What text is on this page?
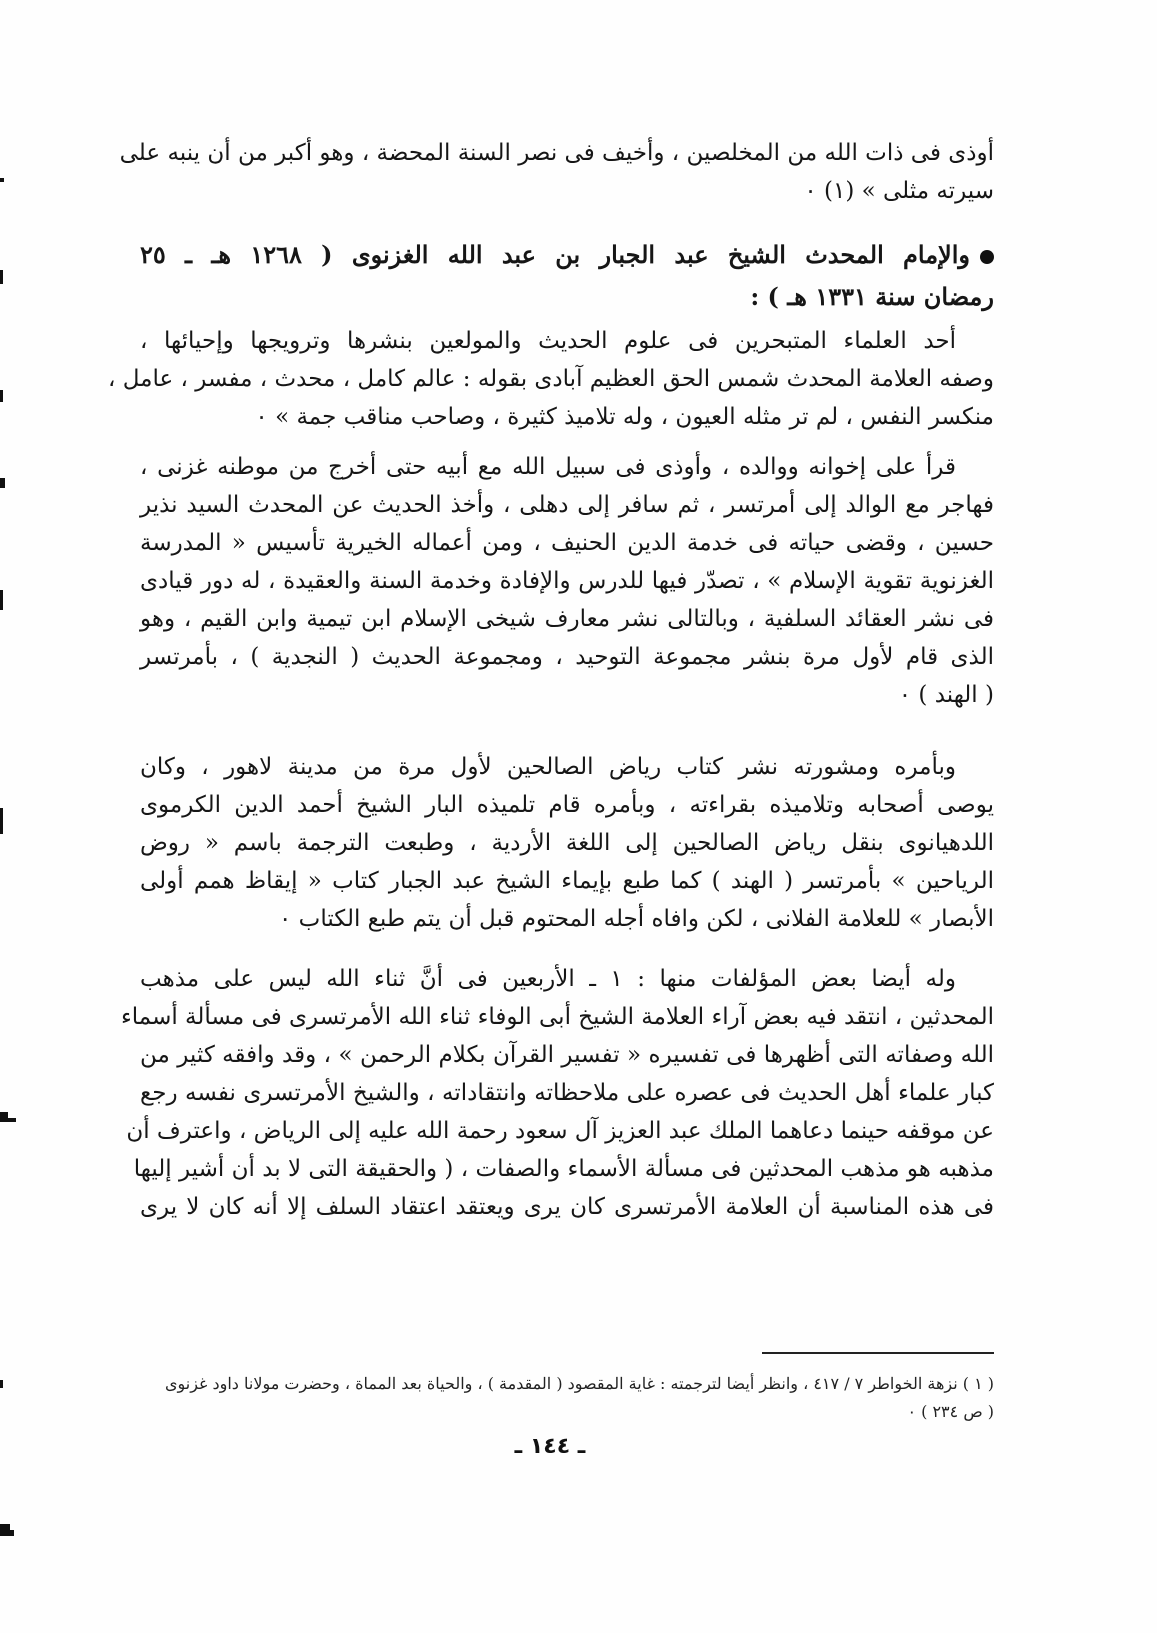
أوذى فى ذات الله من المخلصين ، وأخيف فى نصر السنة المحضة ، وهو أكبر من أن ينبه على
سيرته مثلى » (١) ٠
والإمام المحدث الشيخ عبد الجبار بن عبد الله الغزنوى ( ١٢٦٨ هـ ـ ٢٥
رمضان سنة ١٣٣١ هـ ) :
أحد العلماء المتبحرين فى علوم الحديث والمولعين بنشرها وترويجها وإحيائها ،
وصفه العلامة المحدث شمس الحق العظيم آبادى بقوله : عالم كامل ، محدث ، مفسر ، عامل ،
منكسر النفس ، لم تر مثله العيون ، وله تلاميذ كثيرة ، وصاحب مناقب جمة » ٠
قرأ على إخوانه ووالده ، وأوذى فى سبيل الله مع أبيه حتى أخرج من موطنه غزنى ،
فهاجر مع الوالد إلى أمرتسر ، ثم سافر إلى دهلى ، وأخذ الحديث عن المحدث السيد نذير
حسين ، وقضى حياته فى خدمة الدين الحنيف ، ومن أعماله الخيرية تأسيس « المدرسة
الغزنوية تقوية الإسلام » ، تصدّر فيها للدرس والإفادة وخدمة السنة والعقيدة ، له دور قيادى
فى نشر العقائد السلفية ، وبالتالى نشر معارف شيخى الإسلام ابن تيمية وابن القيم ، وهو
الذى قام لأول مرة بنشر مجموعة التوحيد ، ومجموعة الحديث ( النجدية ) ، بأمرتسر
( الهند ) ٠
وبأمره ومشورته نشر كتاب رياض الصالحين لأول مرة من مدينة لاهور ، وكان
يوصى أصحابه وتلاميذه بقراءته ، وبأمره قام تلميذه البار الشيخ أحمد الدين الكرموى
اللدهيانوى بنقل رياض الصالحين إلى اللغة الأردية ، وطبعت الترجمة باسم « روض
الرياحين » بأمرتسر ( الهند ) كما طبع بإيماء الشيخ عبد الجبار كتاب « إيقاظ همم أولى
الأبصار » للعلامة الفلانى ، لكن وافاه أجله المحتوم قبل أن يتم طبع الكتاب ٠
وله أيضا بعض المؤلفات منها : ١ ـ الأربعين فى أنَّ ثناء الله ليس على مذهب
المحدثين ، انتقد فيه بعض آراء العلامة الشيخ أبى الوفاء ثناء الله الأمرتسرى فى مسألة أسماء
الله وصفاته التى أظهرها فى تفسيره « تفسير القرآن بكلام الرحمن » ، وقد وافقه كثير من
كبار علماء أهل الحديث فى عصره على ملاحظاته وانتقاداته ، والشيخ الأمرتسرى نفسه رجع
عن موقفه حينما دعاهما الملك عبد العزيز آل سعود رحمة الله عليه إلى الرياض ، واعترف أن
مذهبه هو مذهب المحدثين فى مسألة الأسماء والصفات ، ( والحقيقة التى لا بد أن أشير إليها
فى هذه المناسبة أن العلامة الأمرتسرى كان يرى ويعتقد اعتقاد السلف إلا أنه كان لا يرى
( ١ ) نزهة الخواطر ٧ / ٤١٧ ، وانظر أيضا لترجمته : غاية المقصود ( المقدمة ) ، والحياة بعد المماة ، وحضرت مولانا داود غزنوى
( ص ٢٣٤ ) ٠
ـ ١٤٤ ـ
